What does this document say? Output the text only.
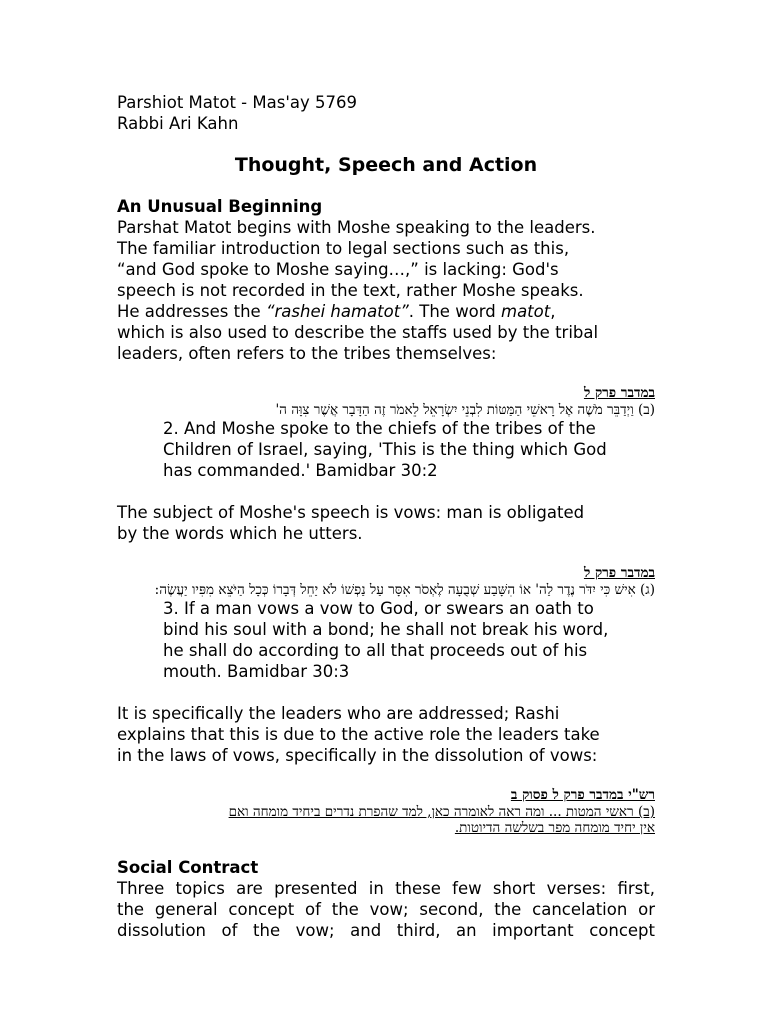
Parshiot Matot - Mas'ay 5769
Rabbi Ari Kahn
Thought, Speech and Action
An Unusual Beginning
Parshat Matot begins with Moshe speaking to the leaders.
The familiar introduction to legal sections such as this,
“and God spoke to Moshe saying…,” is lacking: God's
speech is not recorded in the text, rather Moshe speaks.
He addresses the “rashei hamatot”. The word matot,
which is also used to describe the staffs used by the tribal
leaders, often refers to the tribes themselves:
במדבר פרק ל
(ב) וַיְדַבֵּר מֹשֶׁה אֶל רָאשֵׁי הַמַּטּוֹת לִבְנֵי יִשְׂרָאֵל לֵאמֹר זֶה הַדָּבָר אֲשֶׁר צִוָּה ה'
2. And Moshe spoke to the chiefs of the tribes of the
Children of Israel, saying, 'This is the thing which God
has commanded.' Bamidbar 30:2
The subject of Moshe's speech is vows: man is obligated
by the words which he utters.
במדבר פרק ל
(ג) אִישׁ כִּי יִדֹּר נֶדֶר לַה' אוֹ הִשָּׁבַע שְׁבֻעָה לֶאְסֹר אִסָּר עַל נַפְשׁוֹ לֹא יַחֵל דְּבָרוֹ כְּכָל הַיֹּצֵא מִפִּיו יַעֲשֶׂה:
3. If a man vows a vow to God, or swears an oath to
bind his soul with a bond; he shall not break his word,
he shall do according to all that proceeds out of his
mouth. Bamidbar 30:3
It is specifically the leaders who are addressed; Rashi
explains that this is due to the active role the leaders take
in the laws of vows, specifically in the dissolution of vows:
רש"י במדבר פרק ל פסוק ב
(ב) ראשי המטות ... ומה ראה לאומרה כאן, למד שהפרת נדרים ביחיד מומחה ואם
אין יחיד מומחה מפר בשלשה הדיוטות.
Social Contract
Three topics are presented in these few short verses: first,
the general concept of the vow; second, the cancelation or
dissolution of the vow; and third, an important concept
